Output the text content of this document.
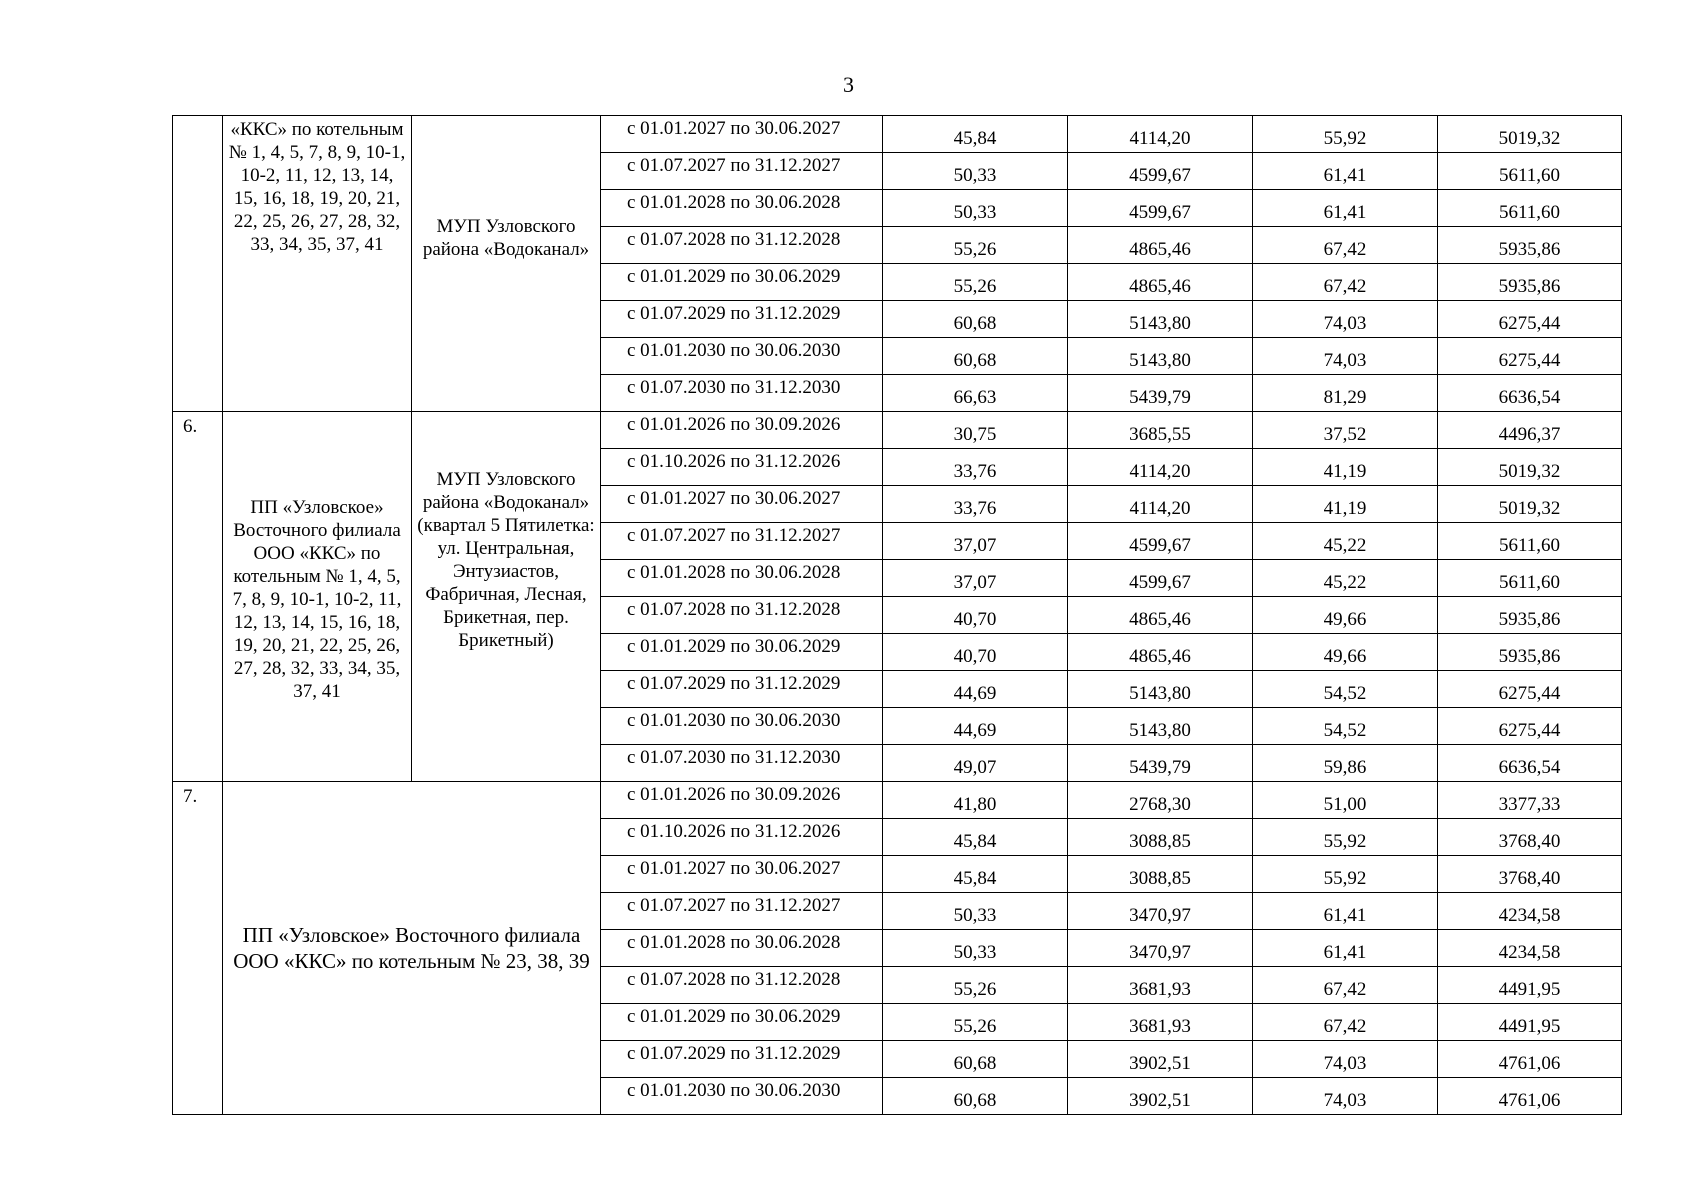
3
	«ККС» по котельным № 1, 4, 5, 7, 8, 9, 10-1, 10-2, 11, 12, 13, 14, 15, 16, 18, 19, 20, 21, 22, 25, 26, 27, 28, 32, 33, 34, 35, 37, 41	МУП Узловского района «Водоканал»	с 01.01.2027 по 30.06.2027	45,84	4114,20	55,92	5019,32
			с 01.07.2027 по 31.12.2027	50,33	4599,67	61,41	5611,60
			с 01.01.2028 по 30.06.2028	50,33	4599,67	61,41	5611,60
			с 01.07.2028 по 31.12.2028	55,26	4865,46	67,42	5935,86
			с 01.01.2029 по 30.06.2029	55,26	4865,46	67,42	5935,86
			с 01.07.2029 по 31.12.2029	60,68	5143,80	74,03	6275,44
			с 01.01.2030 по 30.06.2030	60,68	5143,80	74,03	6275,44
			с 01.07.2030 по 31.12.2030	66,63	5439,79	81,29	6636,54
6.	ПП «Узловское» Восточного филиала ООО «ККС» по котельным № 1, 4, 5, 7, 8, 9, 10-1, 10-2, 11, 12, 13, 14, 15, 16, 18, 19, 20, 21, 22, 25, 26, 27, 28, 32, 33, 34, 35, 37, 41	МУП Узловского района «Водоканал» (квартал 5 Пятилетка: ул. Центральная, Энтузиастов, Фабричная, Лесная, Брикетная, пер. Брикетный)	с 01.01.2026 по 30.09.2026	30,75	3685,55	37,52	4496,37
			с 01.10.2026 по 31.12.2026	33,76	4114,20	41,19	5019,32
			с 01.01.2027 по 30.06.2027	33,76	4114,20	41,19	5019,32
			с 01.07.2027 по 31.12.2027	37,07	4599,67	45,22	5611,60
			с 01.01.2028 по 30.06.2028	37,07	4599,67	45,22	5611,60
			с 01.07.2028 по 31.12.2028	40,70	4865,46	49,66	5935,86
			с 01.01.2029 по 30.06.2029	40,70	4865,46	49,66	5935,86
			с 01.07.2029 по 31.12.2029	44,69	5143,80	54,52	6275,44
			с 01.01.2030 по 30.06.2030	44,69	5143,80	54,52	6275,44
			с 01.07.2030 по 31.12.2030	49,07	5439,79	59,86	6636,54
7.	ПП «Узловское» Восточного филиала ООО «ККС» по котельным № 23, 38, 39		с 01.01.2026 по 30.09.2026	41,80	2768,30	51,00	3377,33
			с 01.10.2026 по 31.12.2026	45,84	3088,85	55,92	3768,40
			с 01.01.2027 по 30.06.2027	45,84	3088,85	55,92	3768,40
			с 01.07.2027 по 31.12.2027	50,33	3470,97	61,41	4234,58
			с 01.01.2028 по 30.06.2028	50,33	3470,97	61,41	4234,58
			с 01.07.2028 по 31.12.2028	55,26	3681,93	67,42	4491,95
			с 01.01.2029 по 30.06.2029	55,26	3681,93	67,42	4491,95
			с 01.07.2029 по 31.12.2029	60,68	3902,51	74,03	4761,06
			с 01.01.2030 по 30.06.2030	60,68	3902,51	74,03	4761,06
